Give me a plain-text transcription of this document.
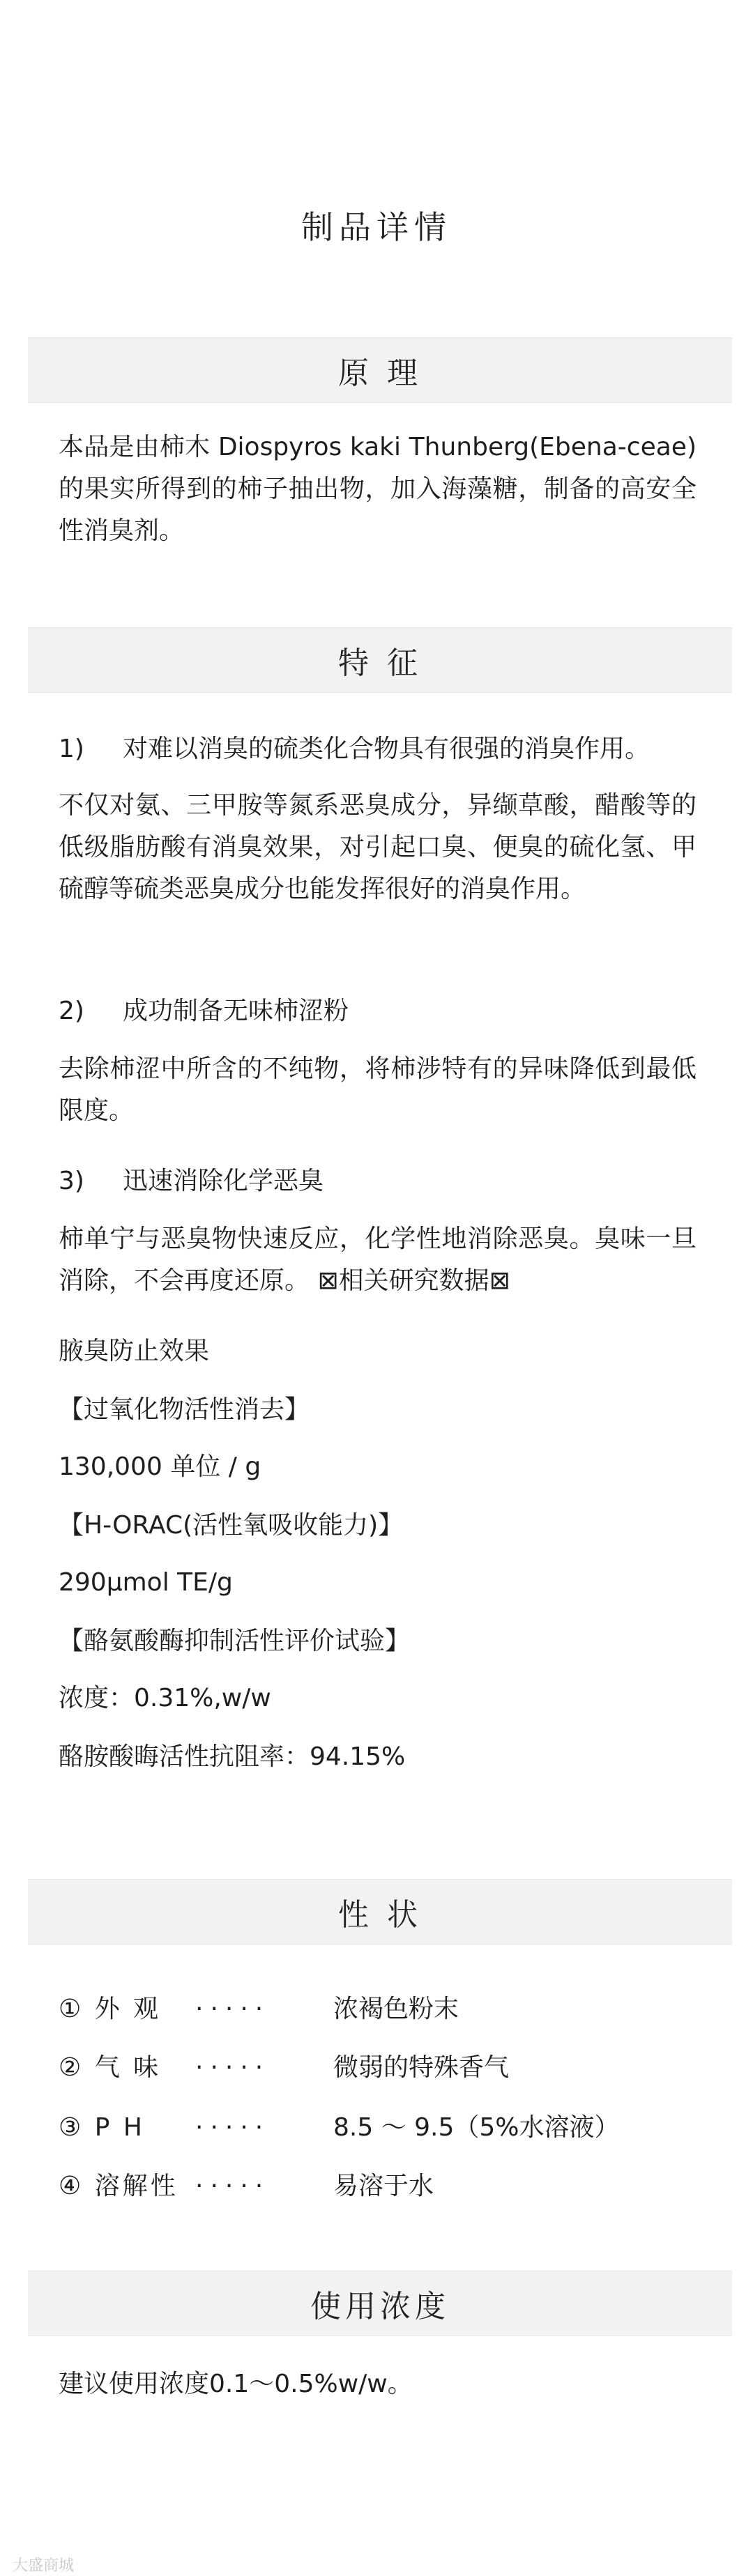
制品详情
原 理

本品是由柿木 Diospyros kaki Thunberg(Ebena-ceae)的果实所得到的柿子抽出物，加入海藻糖，制备的高安全性消臭剂。

特 征
1) 对难以消臭的硫类化合物具有很强的消臭作用。

不仅对氨、三甲胺等氮系恶臭成分，异缬草酸，醋酸等的低级脂肪酸有消臭效果，对引起口臭、便臭的硫化氢、甲硫醇等硫类恶臭成分也能发挥很好的消臭作用。

2) 成功制备无味柿涩粉

去除柿涩中所含的不纯物，将柿涉特有的异味降低到最低限度。

3) 迅速消除化学恶臭

柿单宁与恶臭物快速反应，化学性地消除恶臭。臭味一旦消除，不会再度还原。 ⊠相关研究数据⊠

腋臭防止效果
【过氧化物活性消去】
130,000 单位 / g
【H-ORAC(活性氧吸收能力)】
290μmol TE/g
【酪氨酸酶抑制活性评价试验】
浓度：0.31%,w/w
酪胺酸晦活性抗阻率：94.15%
性 状
① 外 观 ·····	浓褐色粉末
② 气 味 ·····	微弱的特殊香气
③ P H ·····	8.5 ～ 9.5（5%水溶液）
④ 溶解性 ·····	易溶于水
使用浓度
建议使用浓度0.1～0.5%w/w。
大盛商城
